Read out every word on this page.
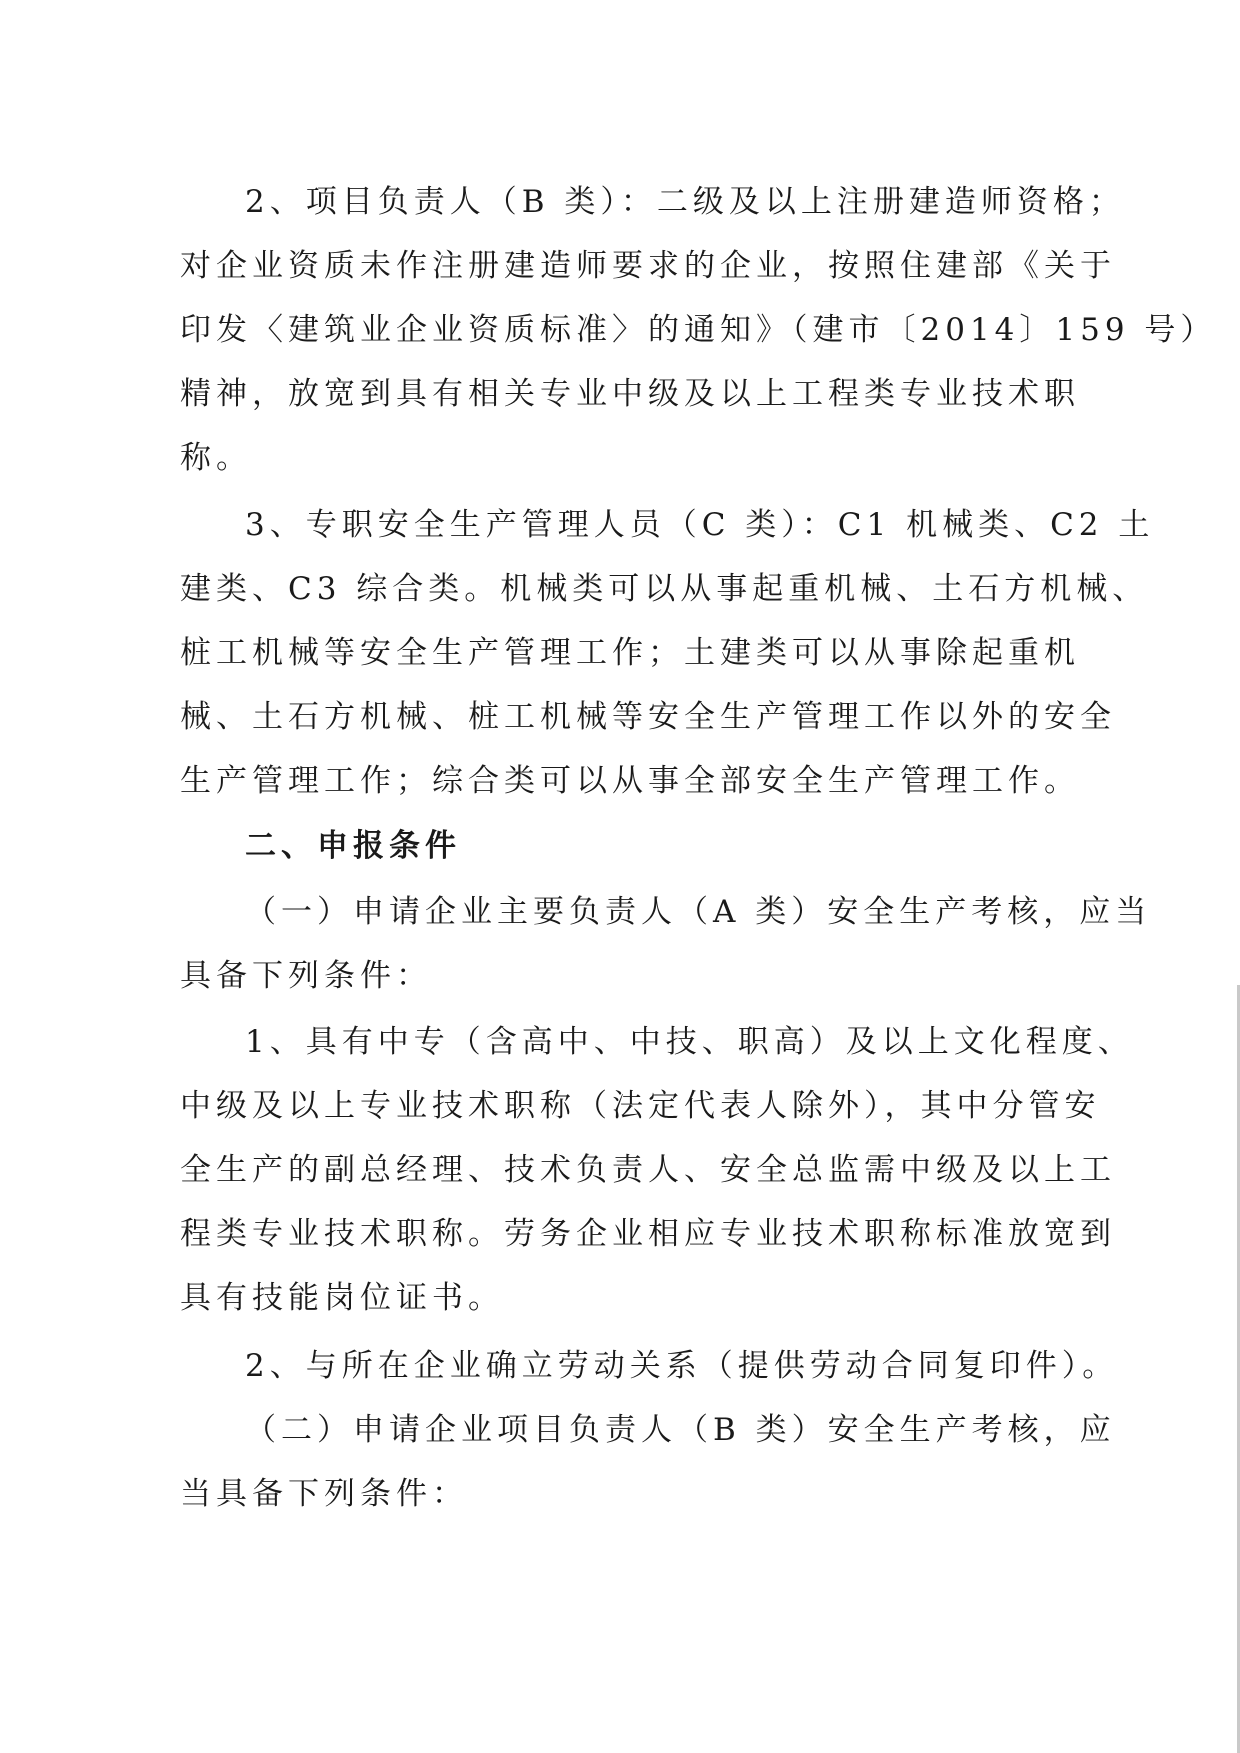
2、项目负责人（B 类）：二级及以上注册建造师资格；
对企业资质未作注册建造师要求的企业，按照住建部《关于
印发〈建筑业企业资质标准〉的通知》（建市〔2014〕159 号）
精神，放宽到具有相关专业中级及以上工程类专业技术职
称。
3、专职安全生产管理人员（C 类）：C1 机械类、C2 土
建类、C3 综合类。机械类可以从事起重机械、土石方机械、
桩工机械等安全生产管理工作；土建类可以从事除起重机
械、土石方机械、桩工机械等安全生产管理工作以外的安全
生产管理工作；综合类可以从事全部安全生产管理工作。
二、申报条件
（一）申请企业主要负责人（A 类）安全生产考核，应当
具备下列条件：
1、具有中专（含高中、中技、职高）及以上文化程度、
中级及以上专业技术职称（法定代表人除外），其中分管安
全生产的副总经理、技术负责人、安全总监需中级及以上工
程类专业技术职称。劳务企业相应专业技术职称标准放宽到
具有技能岗位证书。
2、与所在企业确立劳动关系（提供劳动合同复印件）。
（二）申请企业项目负责人（B 类）安全生产考核，应
当具备下列条件：
